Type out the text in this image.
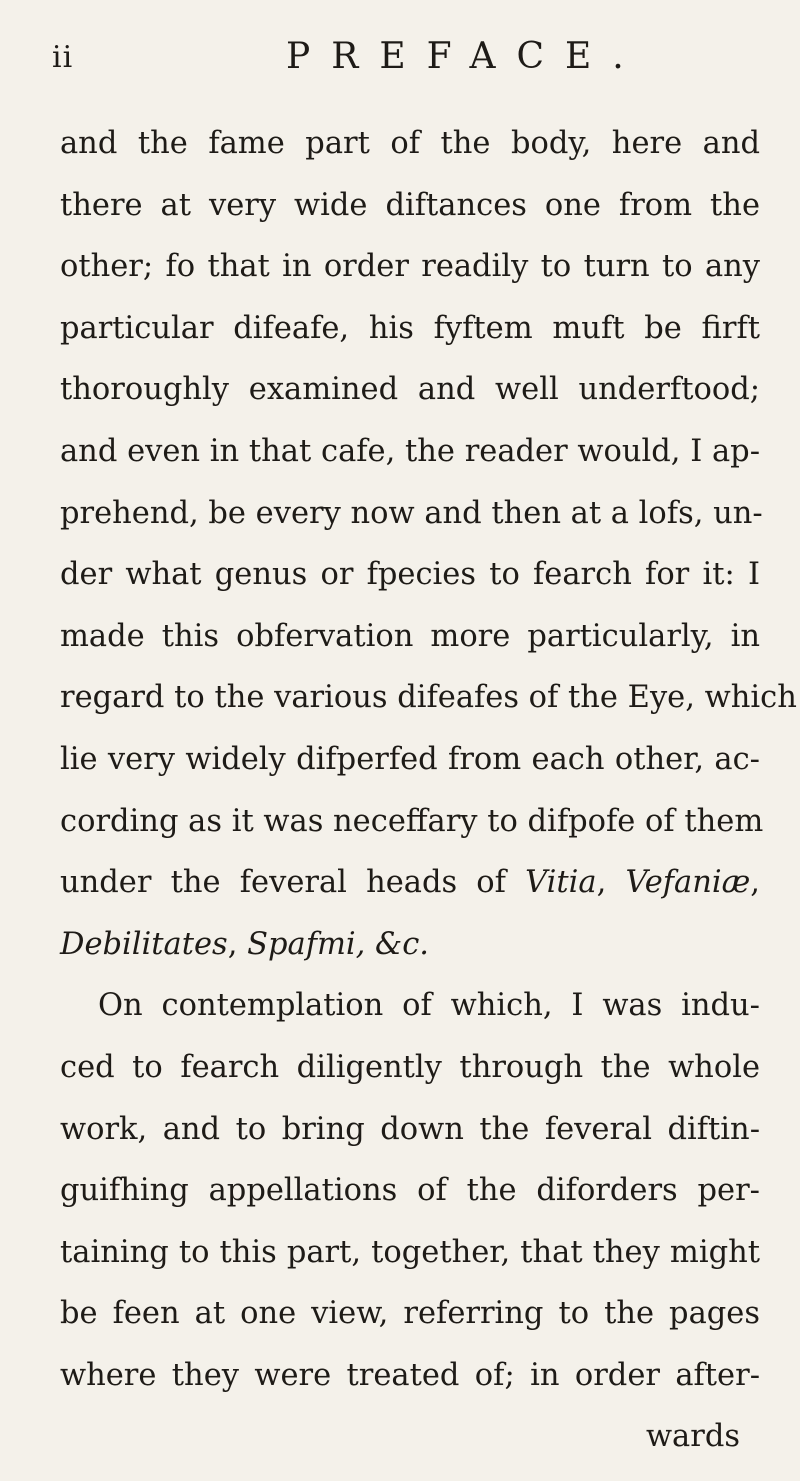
ii	PREFACE.
and the fame part of the body, here and
there at very wide diftances one from the
other; fo that in order readily to turn to any
particular difeafe, his fyftem muft be firft
thoroughly examined and well underftood;
and even in that cafe, the reader would, I ap-
prehend, be every now and then at a lofs, un-
der what genus or fpecies to fearch for it: I
made this obfervation more particularly, in
regard to the various difeafes of the Eye, which
lie very widely difperfed from each other, ac-
cording as it was neceffary to difpofe of them
under the feveral heads of Vitia, Vefaniæ,
Debilitates, Spafmi, &c.
On contemplation of which, I was indu-
ced to fearch diligently through the whole
work, and to bring down the feveral diftin-
guifhing appellations of the diforders per-
taining to this part, together, that they might
be feen at one view, referring to the pages
where they were treated of; in order after-
wards
